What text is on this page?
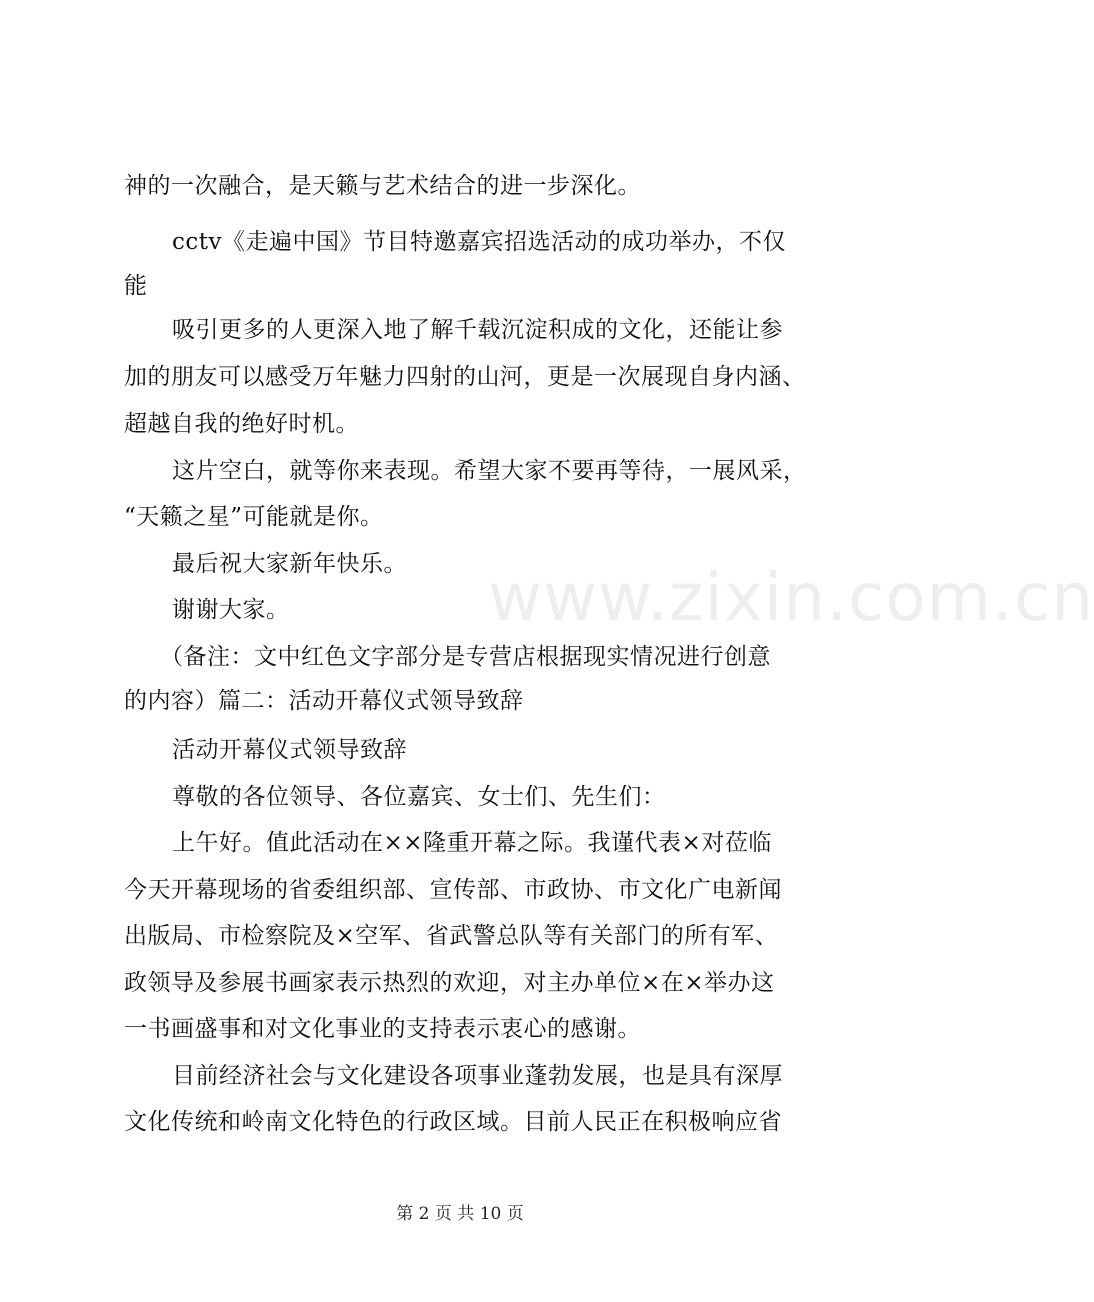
神的一次融合，是天籁与艺术结合的进一步深化。
cctv《走遍中国》节目特邀嘉宾招选活动的成功举办，不仅
能
吸引更多的人更深入地了解千载沉淀积成的文化，还能让参
加的朋友可以感受万年魅力四射的山河，更是一次展现自身内涵、
超越自我的绝好时机。
这片空白，就等你来表现。希望大家不要再等待，一展风采，
“天籁之星”可能就是你。
最后祝大家新年快乐。
谢谢大家。
（备注：文中红色文字部分是专营店根据现实情况进行创意
的内容）篇二：活动开幕仪式领导致辞
活动开幕仪式领导致辞
尊敬的各位领导、各位嘉宾、女士们、先生们：
上午好。值此活动在××隆重开幕之际。我谨代表×对莅临
今天开幕现场的省委组织部、宣传部、市政协、市文化广电新闻
出版局、市检察院及×空军、省武警总队等有关部门的所有军、
政领导及参展书画家表示热烈的欢迎，对主办单位×在×举办这
一书画盛事和对文化事业的支持表示衷心的感谢。
目前经济社会与文化建设各项事业蓬勃发展，也是具有深厚
文化传统和岭南文化特色的行政区域。目前人民正在积极响应省
www.zixin.com.cn
第 2 页 共 10 页
